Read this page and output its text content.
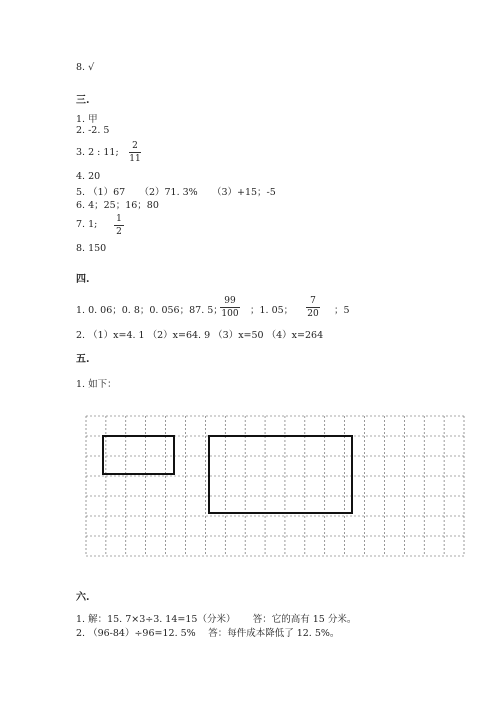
8. √
三.
1. 甲
2. -2. 5
3. 2 : 11;
2
11
4. 20
5. （1）67　　（2）71. 3%　　（3）+15；-5
6. 4；25；16；80
7. 1; 1
2
8. 150
四.
1. 0. 06；0. 8；0. 056；87. 5；
99
100 ；1. 05；
7
20 ；5
2. （1）x=4. 1 （2）x=64. 9 （3）x=50 （4）x=264
五.
1. 如下：
六.
1. 解：15. 7×3÷3. 14=15（分米）　　 答：它的高有 15 分米。
2. （96-84）÷96=12. 5%　 答：每件成本降低了 12. 5%。
